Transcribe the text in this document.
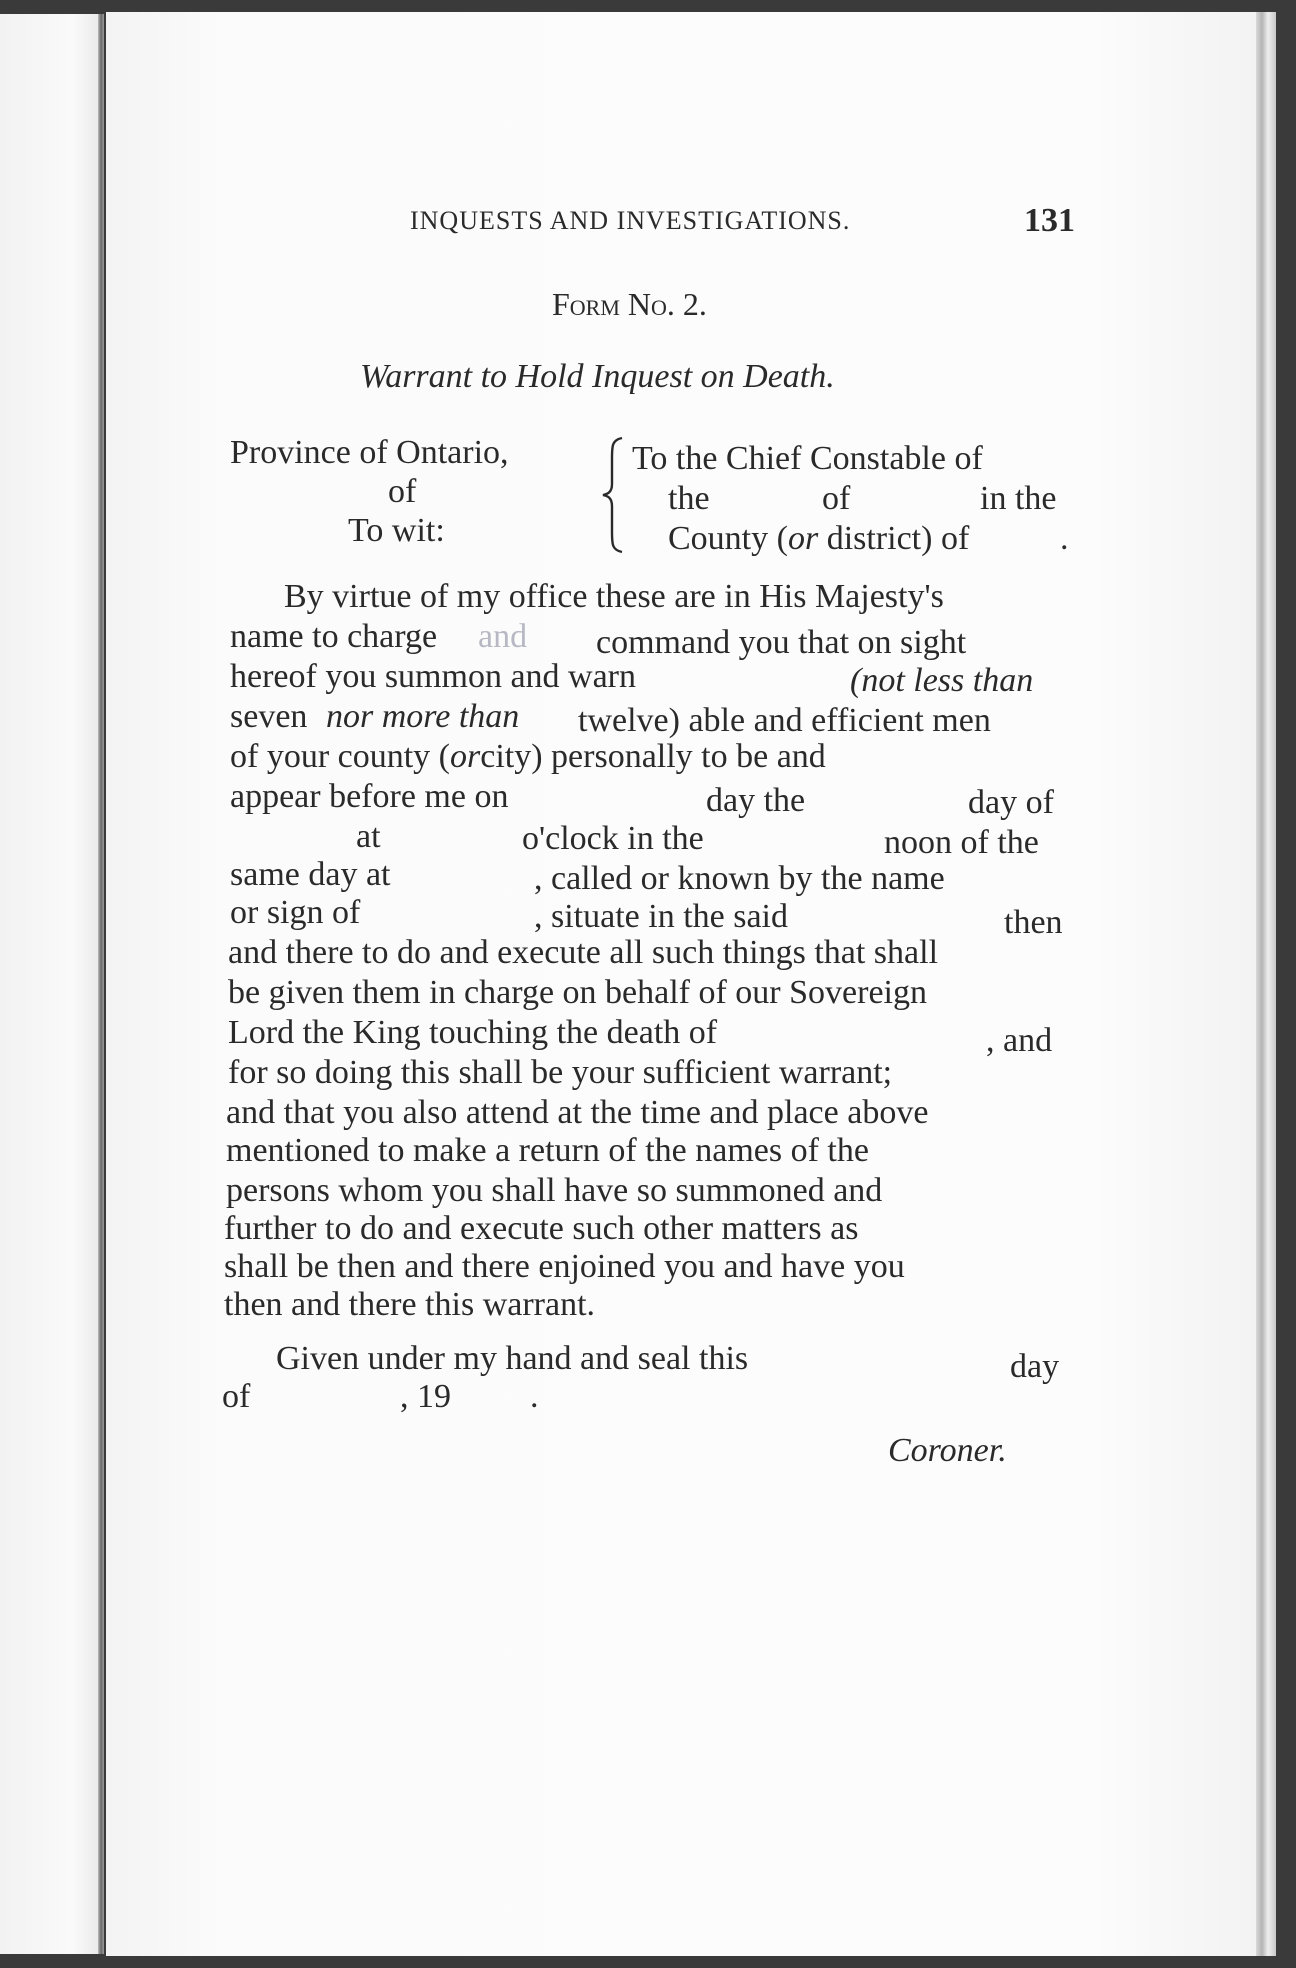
INQUESTS AND INVESTIGATIONS.	131
Form No. 2.
Warrant to Hold Inquest on Death.
Province of Ontario,
of
To wit:
To the Chief Constable of
the	of	in the
County (or district) of	.
By virtue of my office these are in His Majesty's
name to charge and command you that on sight
hereof you summon and warn	(not less than
seven nor more than twelve) able and efficient men
of your county (orcity) personally to be and
appear before me on	day the	day of
at	o'clock in the	noon of the
same day at	, called or known by the name
or sign of	, situate in the said	then
and there to do and execute all such things that shall
be given them in charge on behalf of our Sovereign
Lord the King touching the death of	, and
for so doing this shall be your sufficient warrant;
and that you also attend at the time and place above
mentioned to make a return of the names of the
persons whom you shall have so summoned and
further to do and execute such other matters as
shall be then and there enjoined you and have you
then and there this warrant.
Given under my hand and seal this	day
of	, 19 .
Coroner.
